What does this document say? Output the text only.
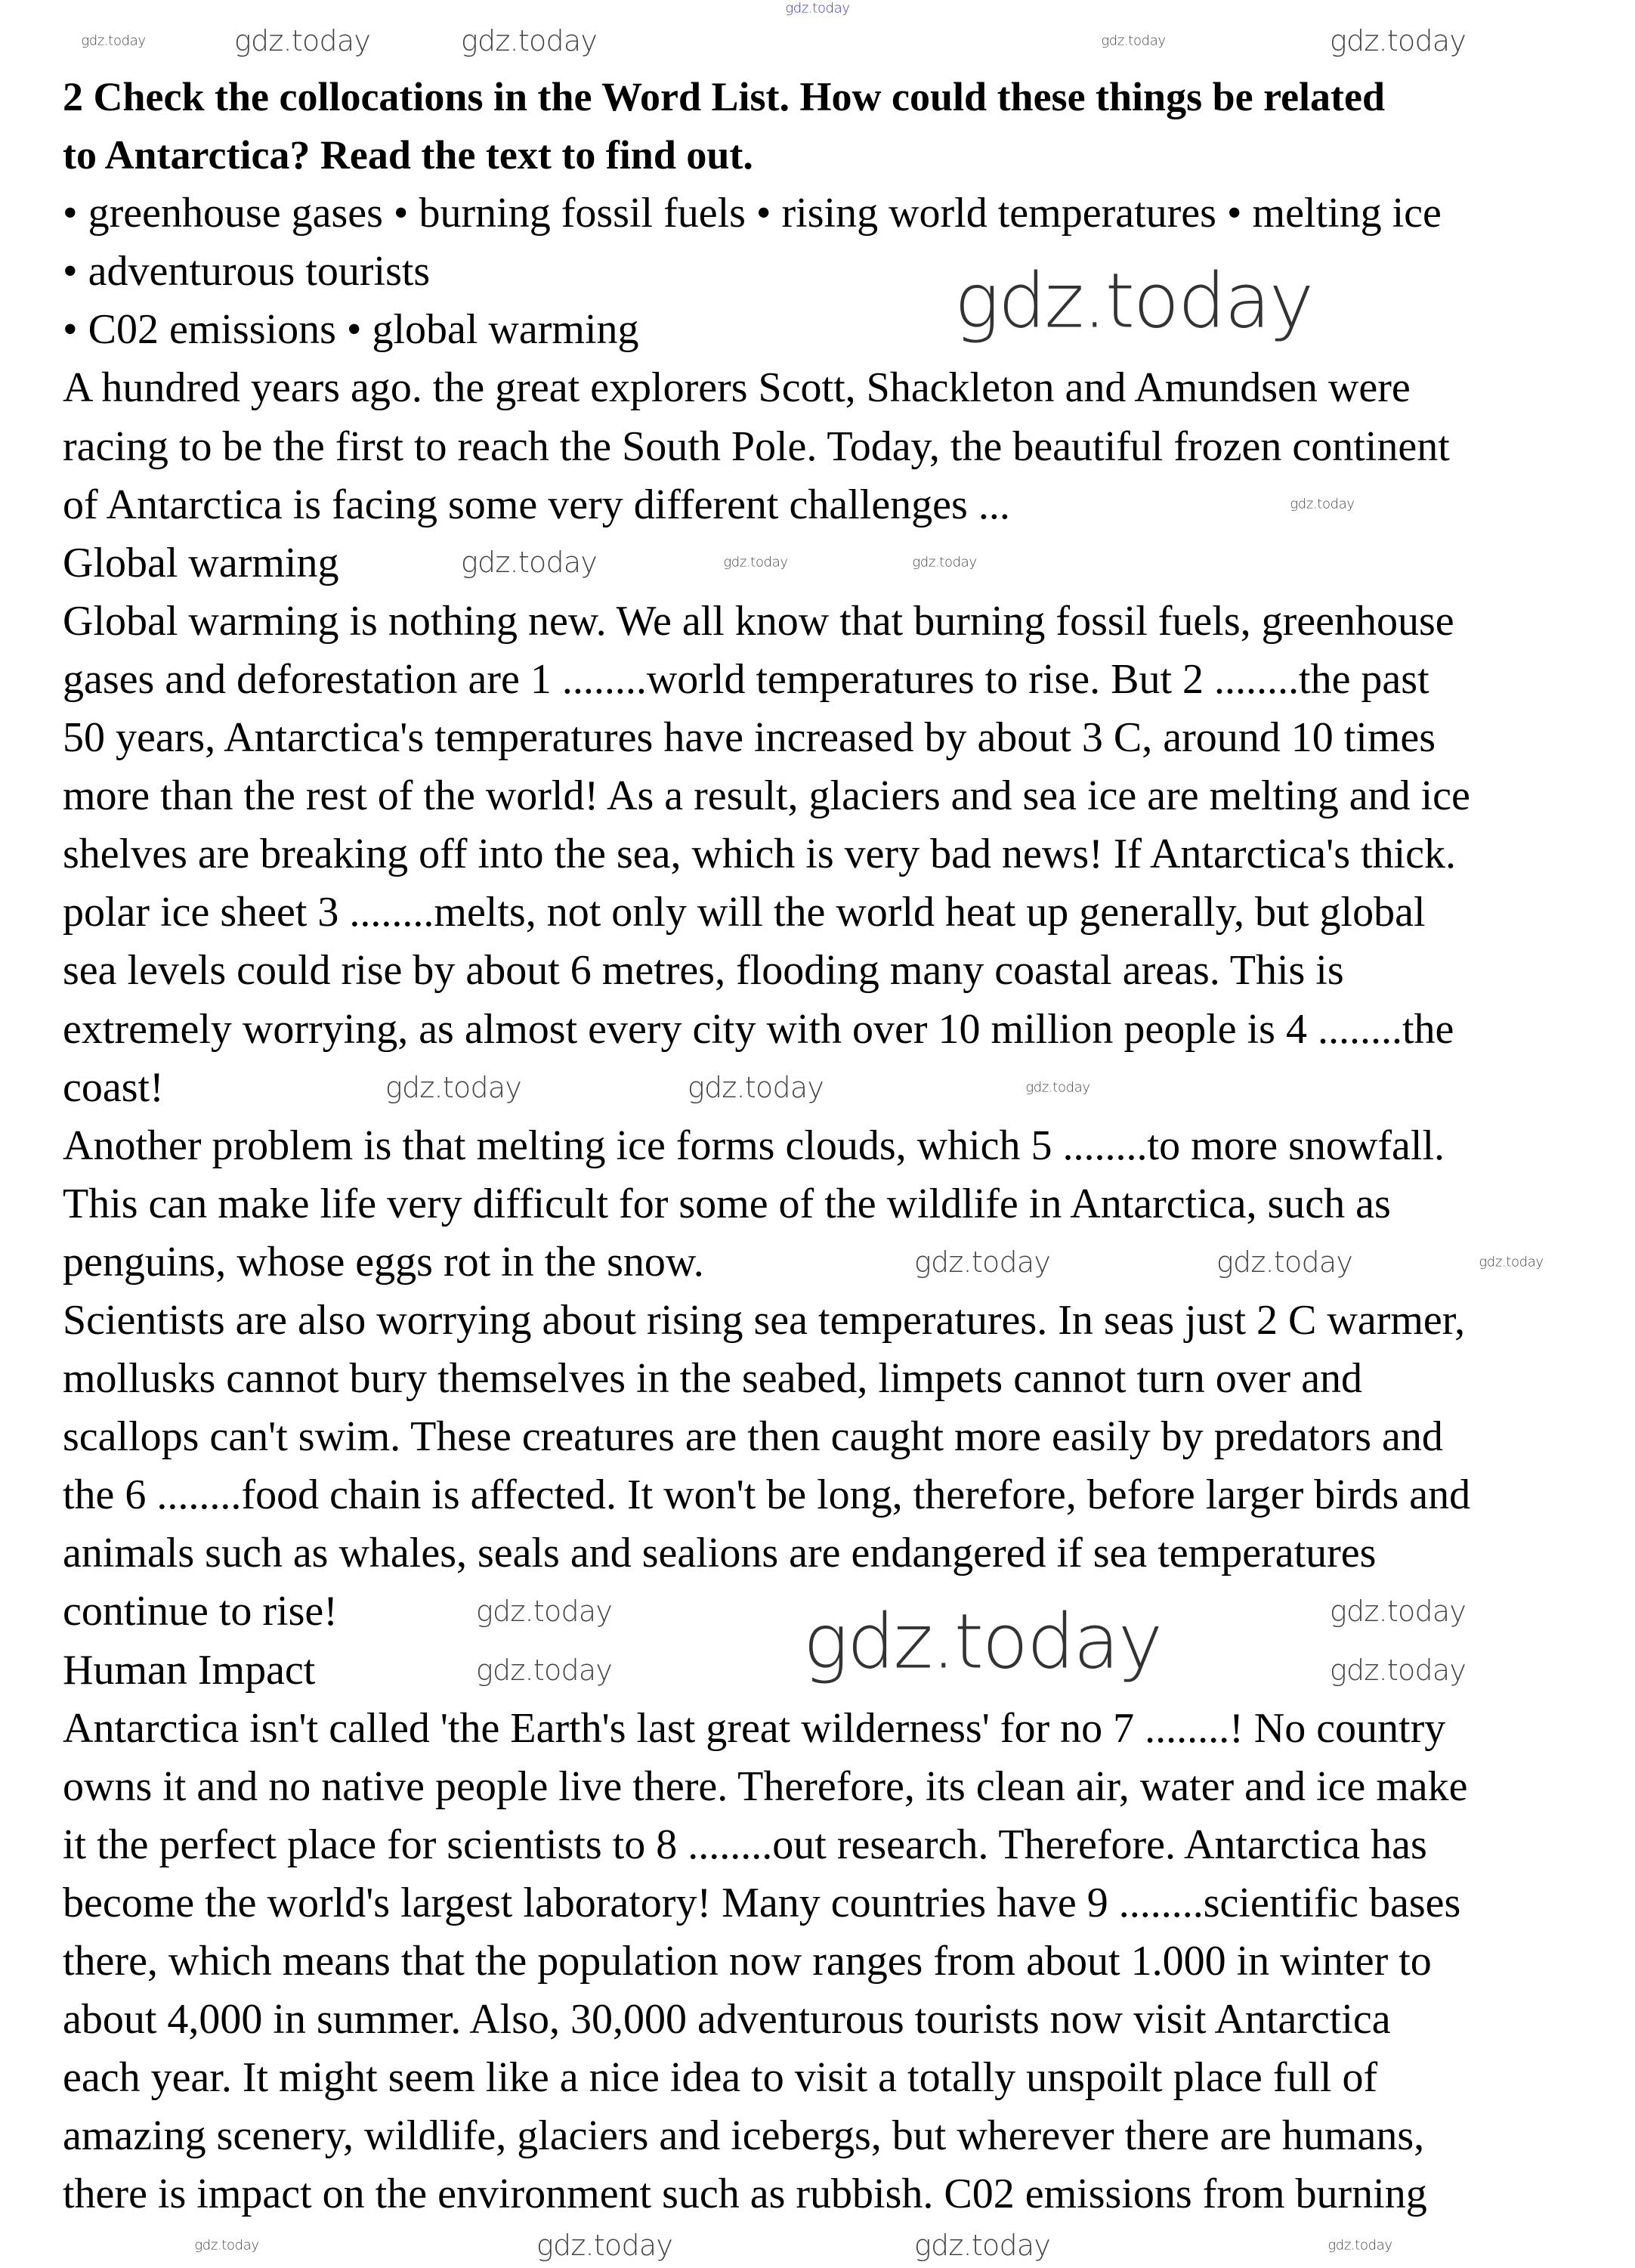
2 Check the collocations in the Word List. How could these things be related
to Antarctica? Read the text to find out.
• greenhouse gases • burning fossil fuels • rising world temperatures • melting ice
• adventurous tourists
• C02 emissions • global warming
A hundred years ago. the great explorers Scott, Shackleton and Amundsen were
racing to be the first to reach the South Pole. Today, the beautiful frozen continent
of Antarctica is facing some very different challenges ...
Global warming
Global warming is nothing new. We all know that burning fossil fuels, greenhouse
gases and deforestation are 1 ........world temperatures to rise. But 2 ........the past
50 years, Antarctica's temperatures have increased by about 3 C, around 10 times
more than the rest of the world! As a result, glaciers and sea ice are melting and ice
shelves are breaking off into the sea, which is very bad news! If Antarctica's thick.
polar ice sheet 3 ........melts, not only will the world heat up generally, but global
sea levels could rise by about 6 metres, flooding many coastal areas. This is
extremely worrying, as almost every city with over 10 million people is 4 ........the
coast!
Another problem is that melting ice forms clouds, which 5 ........to more snowfall.
This can make life very difficult for some of the wildlife in Antarctica, such as
penguins, whose eggs rot in the snow.
Scientists are also worrying about rising sea temperatures. In seas just 2 C warmer,
mollusks cannot bury themselves in the seabed, limpets cannot turn over and
scallops can't swim. These creatures are then caught more easily by predators and
the 6 ........food chain is affected. It won't be long, therefore, before larger birds and
animals such as whales, seals and sealions are endangered if sea temperatures
continue to rise!
Human Impact
Antarctica isn't called 'the Earth's last great wilderness' for no 7 ........! No country
owns it and no native people live there. Therefore, its clean air, water and ice make
it the perfect place for scientists to 8 ........out research. Therefore. Antarctica has
become the world's largest laboratory! Many countries have 9 ........scientific bases
there, which means that the population now ranges from about 1.000 in winter to
about 4,000 in summer. Also, 30,000 adventurous tourists now visit Antarctica
each year. It might seem like a nice idea to visit a totally unspoilt place full of
amazing scenery, wildlife, glaciers and icebergs, but wherever there are humans,
there is impact on the environment such as rubbish. C02 emissions from burning
gdz.today
gdz.today
gdz.today	gdz.today	gdz.today	gdz.today
gdz.today
gdz.today
gdz.today	gdz.today	gdz.today
gdz.today	gdz.today	gdz.today
gdz.today	gdz.today	gdz.today
gdz.today
gdz.today
gdz.today
gdz.today
gdz.today
gdz.today	gdz.today	gdz.today	gdz.today
